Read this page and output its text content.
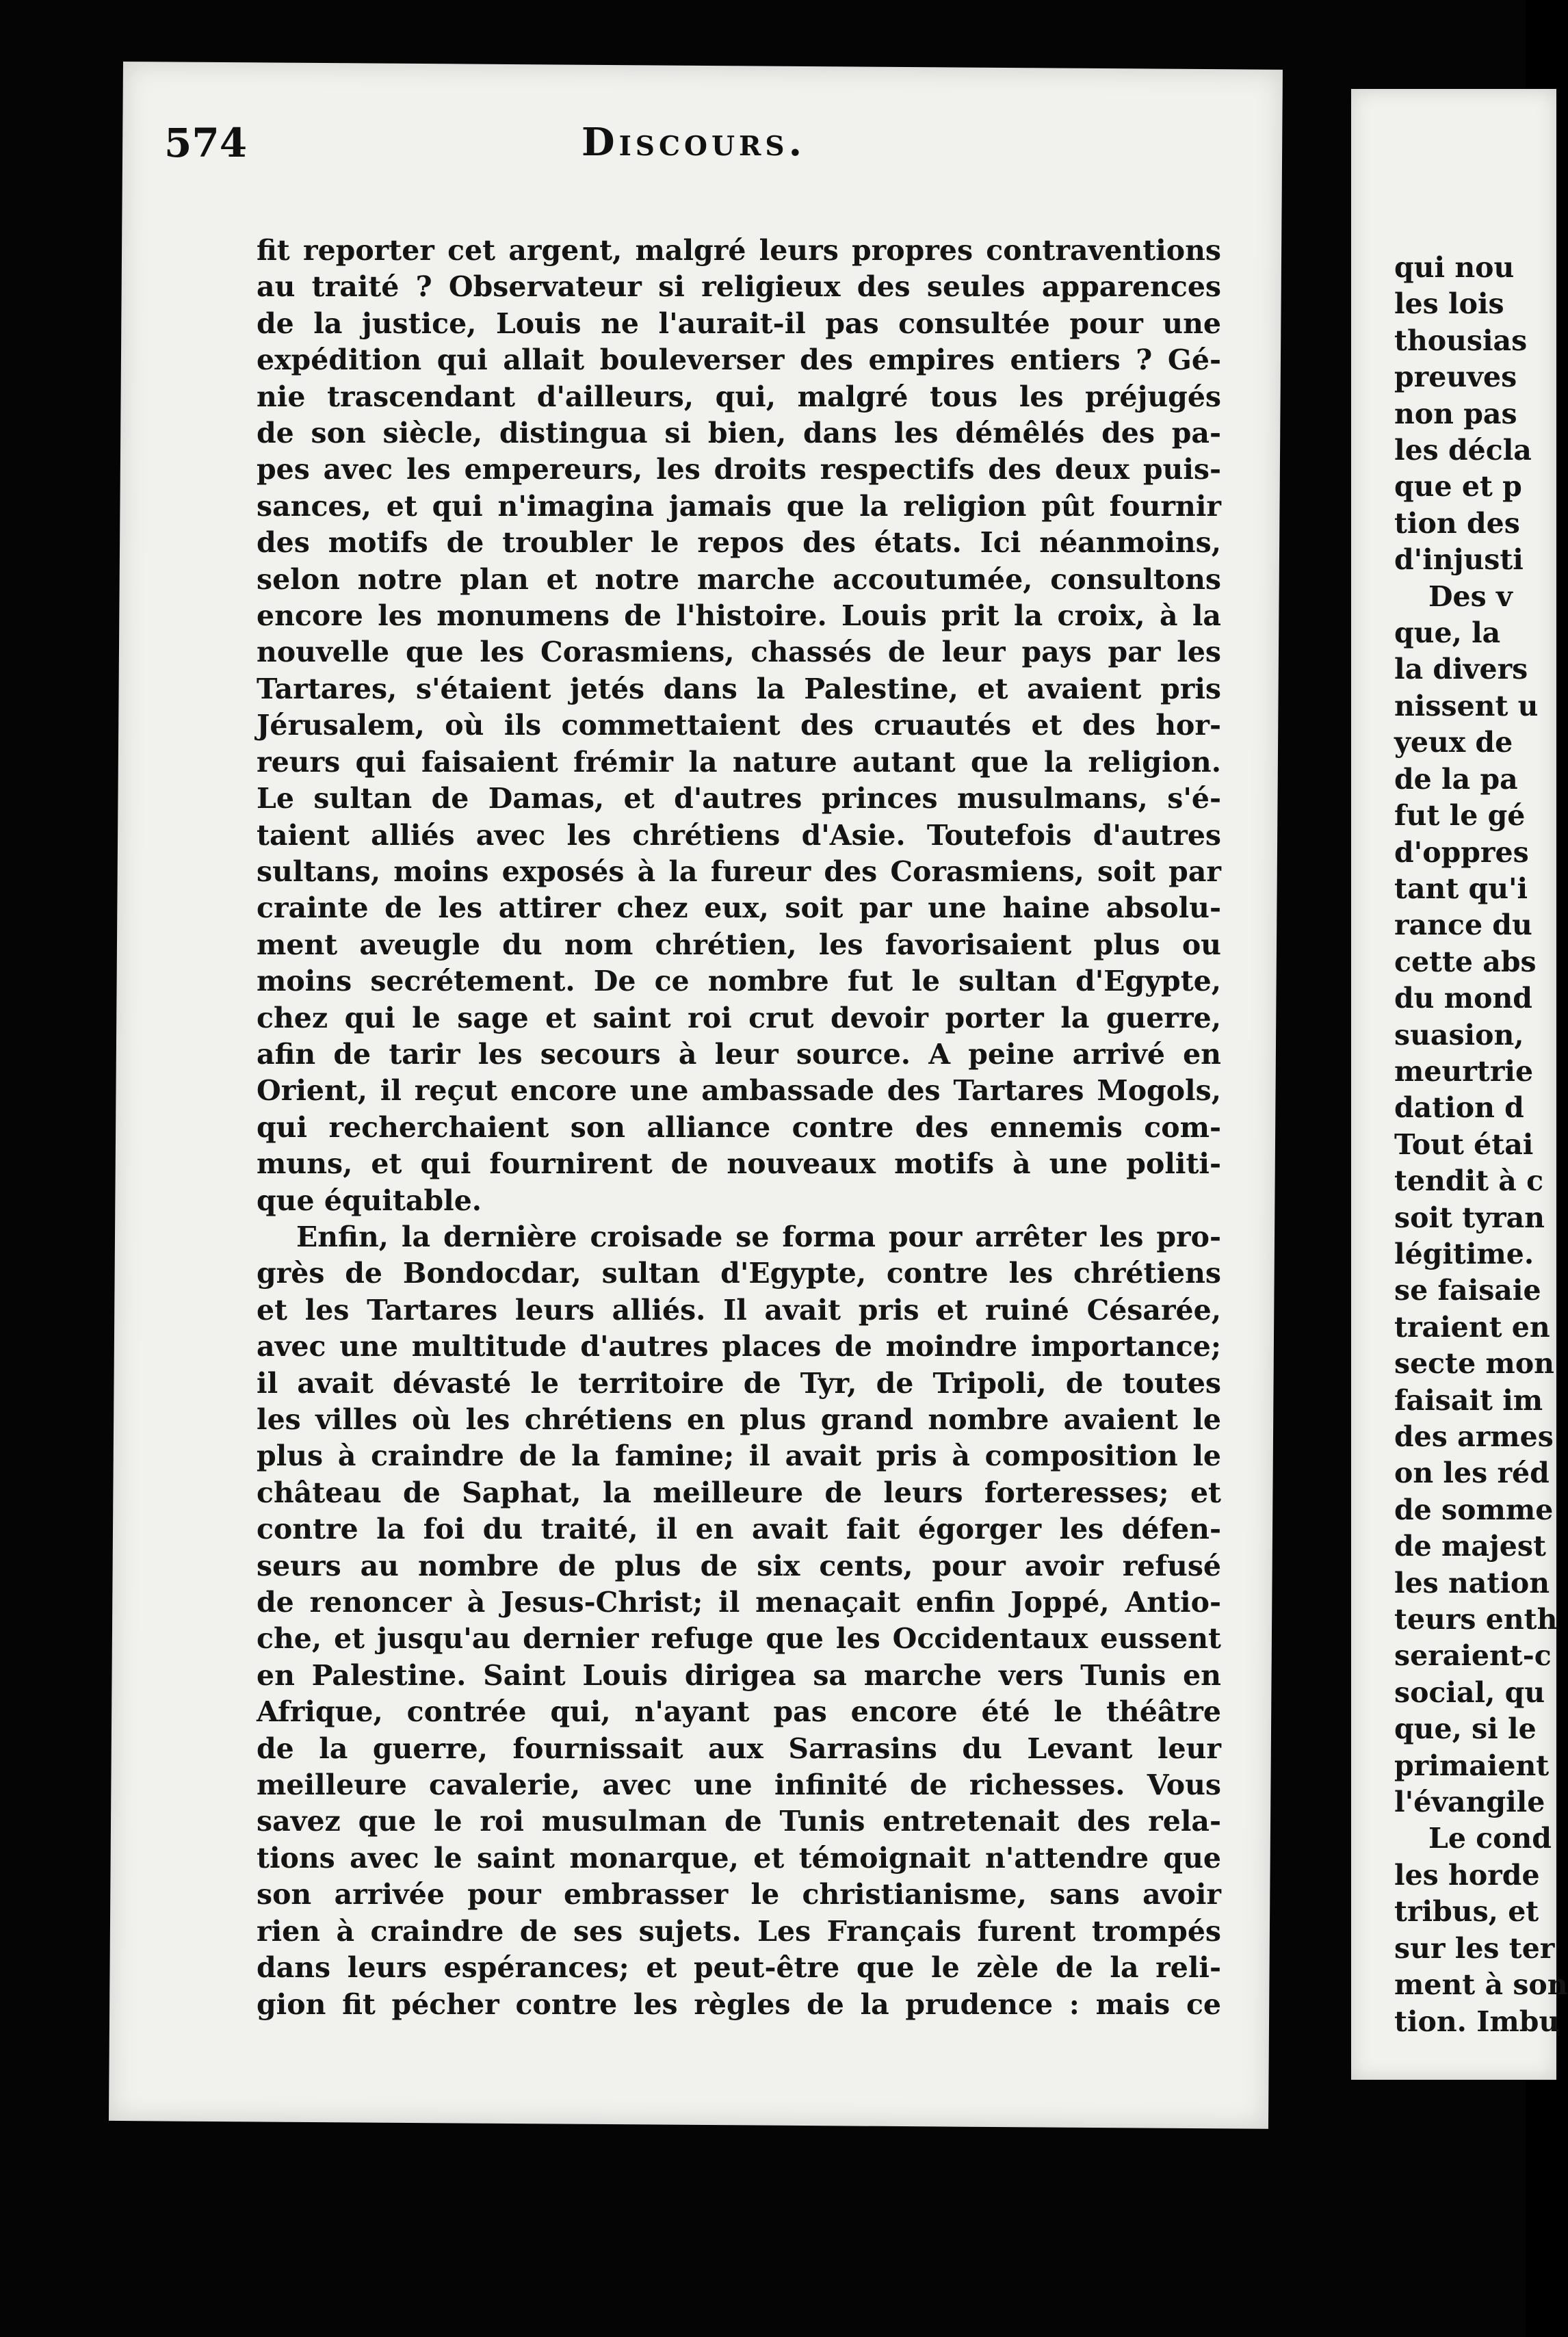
574	Discours.

fit reporter cet argent, malgré leurs propres contraventions
au traité ? Observateur si religieux des seules apparences
de la justice, Louis ne l'aurait-il pas consultée pour une
expédition qui allait bouleverser des empires entiers ? Gé-
nie trascendant d'ailleurs, qui, malgré tous les préjugés
de son siècle, distingua si bien, dans les démêlés des pa-
pes avec les empereurs, les droits respectifs des deux puis-
sances, et qui n'imagina jamais que la religion pût fournir
des motifs de troubler le repos des états. Ici néanmoins,
selon notre plan et notre marche accoutumée, consultons
encore les monumens de l'histoire. Louis prit la croix, à la
nouvelle que les Corasmiens, chassés de leur pays par les
Tartares, s'étaient jetés dans la Palestine, et avaient pris
Jérusalem, où ils commettaient des cruautés et des hor-
reurs qui faisaient frémir la nature autant que la religion.
Le sultan de Damas, et d'autres princes musulmans, s'é-
taient alliés avec les chrétiens d'Asie. Toutefois d'autres
sultans, moins exposés à la fureur des Corasmiens, soit par
crainte de les attirer chez eux, soit par une haine absolu-
ment aveugle du nom chrétien, les favorisaient plus ou
moins secrétement. De ce nombre fut le sultan d'Egypte,
chez qui le sage et saint roi crut devoir porter la guerre,
afin de tarir les secours à leur source. A peine arrivé en
Orient, il reçut encore une ambassade des Tartares Mogols,
qui recherchaient son alliance contre des ennemis com-
muns, et qui fournirent de nouveaux motifs à une politi-
que équitable.

Enfin, la dernière croisade se forma pour arrêter les pro-
grès de Bondocdar, sultan d'Egypte, contre les chrétiens
et les Tartares leurs alliés. Il avait pris et ruiné Césarée,
avec une multitude d'autres places de moindre importance;
il avait dévasté le territoire de Tyr, de Tripoli, de toutes
les villes où les chrétiens en plus grand nombre avaient le
plus à craindre de la famine; il avait pris à composition le
château de Saphat, la meilleure de leurs forteresses; et
contre la foi du traité, il en avait fait égorger les défen-
seurs au nombre de plus de six cents, pour avoir refusé
de renoncer à Jesus-Christ; il menaçait enfin Joppé, Antio-
che, et jusqu'au dernier refuge que les Occidentaux eussent
en Palestine. Saint Louis dirigea sa marche vers Tunis en
Afrique, contrée qui, n'ayant pas encore été le théâtre
de la guerre, fournissait aux Sarrasins du Levant leur
meilleure cavalerie, avec une infinité de richesses. Vous
savez que le roi musulman de Tunis entretenait des rela-
tions avec le saint monarque, et témoignait n'attendre que
son arrivée pour embrasser le christianisme, sans avoir
rien à craindre de ses sujets. Les Français furent trompés
dans leurs espérances; et peut-être que le zèle de la reli-
gion fit pécher contre les règles de la prudence : mais ce

qui nou
les lois
thousias
preuves
non pas
les décla
que et p
tion des
d'injusti
Des v
que, la
la divers
nissent u
yeux de
de la pa
fut le gé
d'oppres
tant qu'i
rance du
cette abs
du mond
suasion,
meurtrie
dation d
Tout étai
tendit à c
soit tyran
légitime.
se faisaie
traient en
secte mon
faisait im
des armes
on les réd
de somme
de majest
les nation
teurs enth
seraient-c
social, qu
que, si le
primaient
l'évangile
Le cond
les horde
tribus, et
sur les ter
ment à son
tion. Imbu
